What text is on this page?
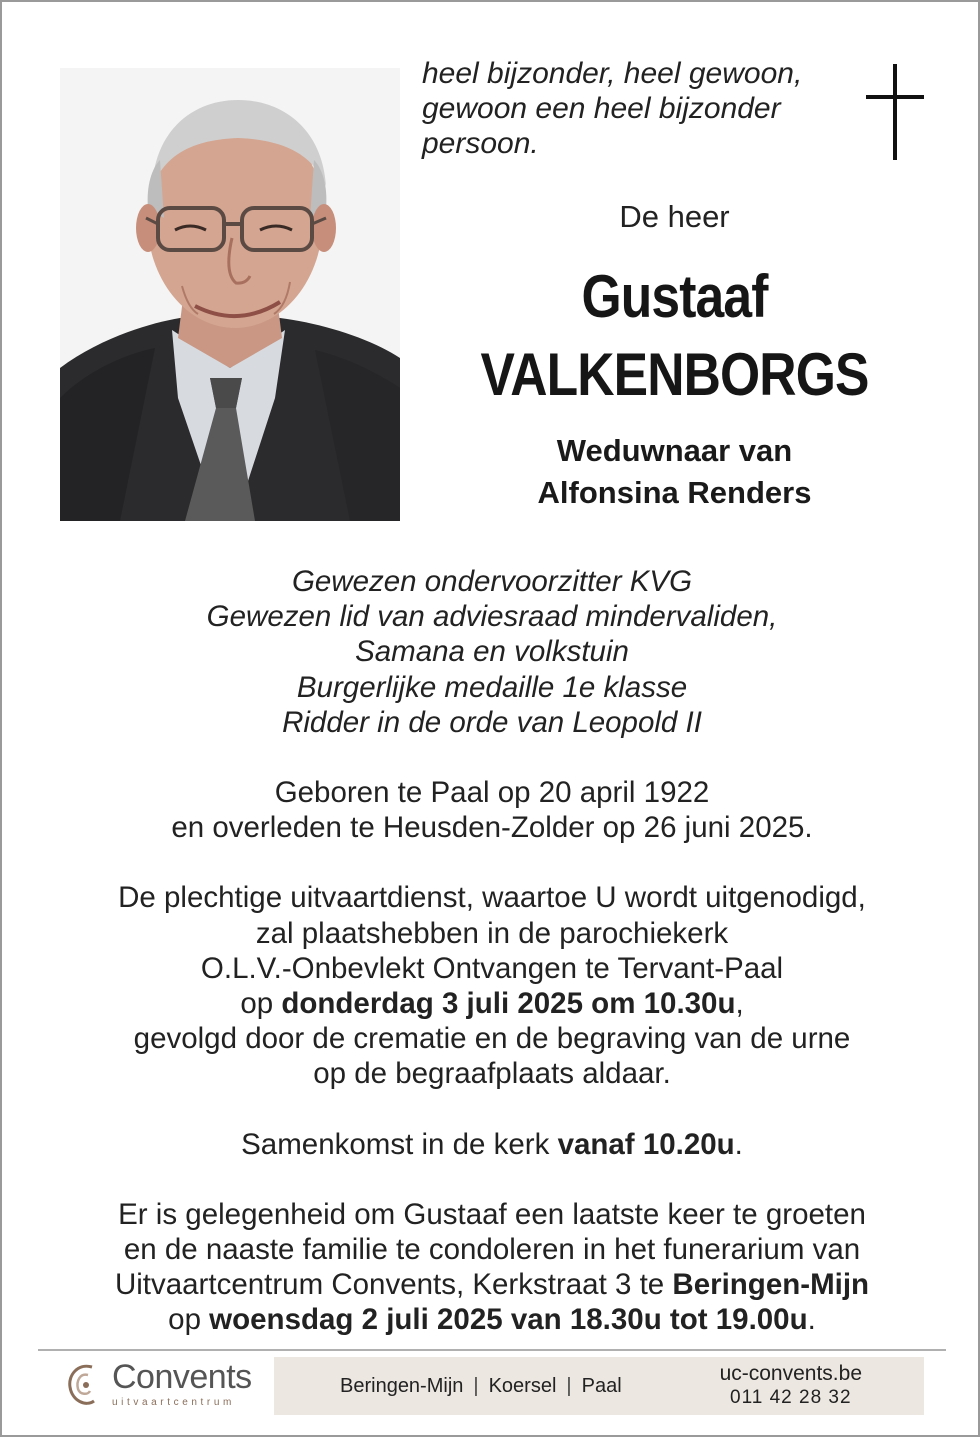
heel bijzonder, heel gewoon,
gewoon een heel bijzonder
persoon.
De heer
Gustaaf
VALKENBORGS
Weduwnaar van
Alfonsina Renders
Gewezen ondervoorzitter KVG
Gewezen lid van adviesraad mindervaliden,
Samana en volkstuin
Burgerlijke medaille 1e klasse
Ridder in de orde van Leopold II
Geboren te Paal op 20 april 1922
en overleden te Heusden-Zolder op 26 juni 2025.
De plechtige uitvaartdienst, waartoe U wordt uitgenodigd,
zal plaatshebben in de parochiekerk
O.L.V.-Onbevlekt Ontvangen te Tervant-Paal
op donderdag 3 juli 2025 om 10.30u,
gevolgd door de crematie en de begraving van de urne
op de begraafplaats aldaar.
Samenkomst in de kerk vanaf 10.20u.
Er is gelegenheid om Gustaaf een laatste keer te groeten
en de naaste familie te condoleren in het funerarium van
Uitvaartcentrum Convents, Kerkstraat 3 te Beringen-Mijn
op woensdag 2 juli 2025 van 18.30u tot 19.00u.
Convents
uitvaartcentrum
Beringen-Mijn | Koersel | Paal
uc-convents.be
011 42 28 32
